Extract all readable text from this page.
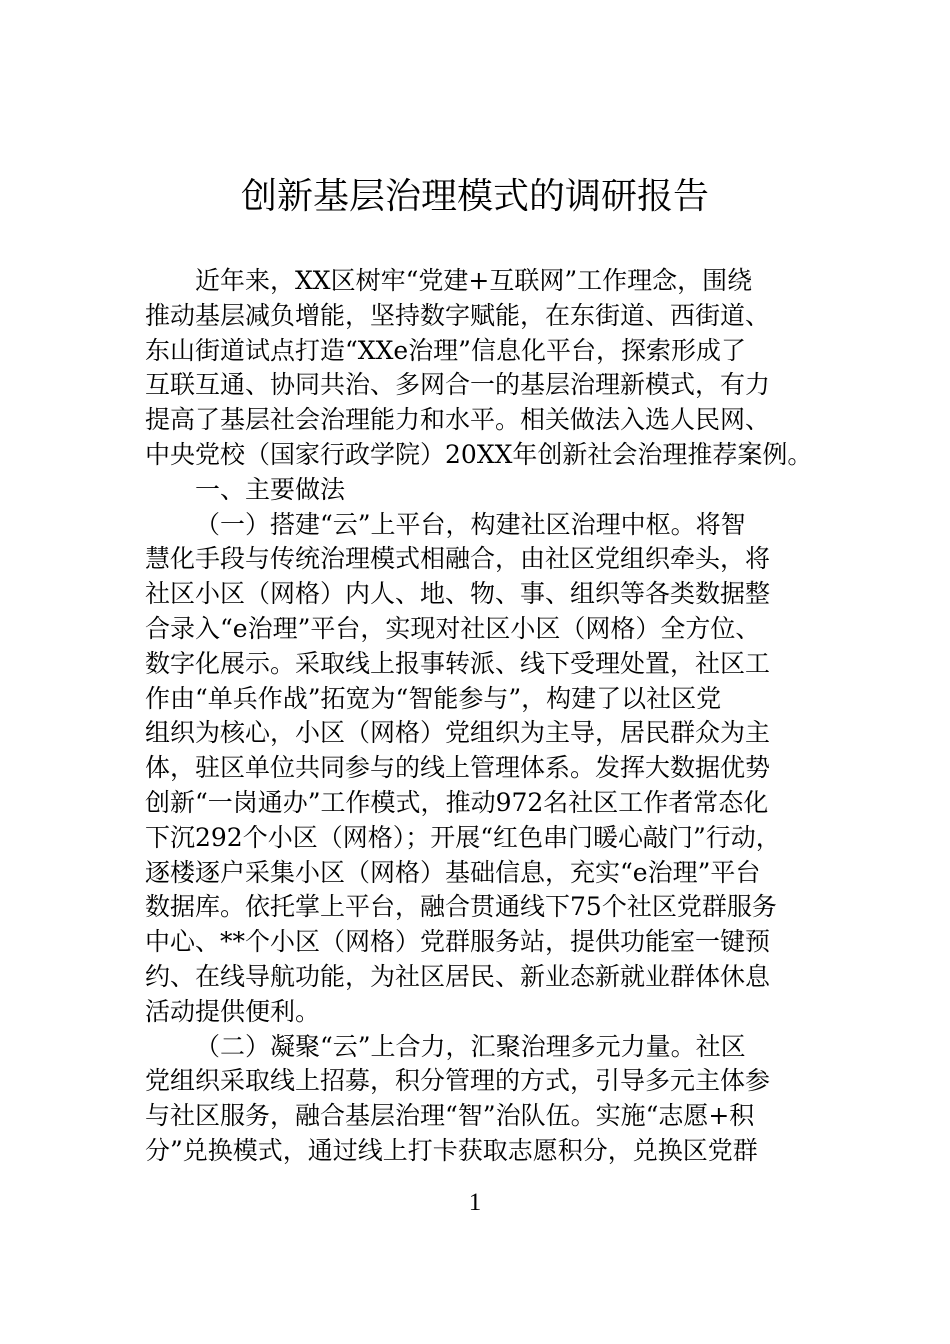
创新基层治理模式的调研报告
近年来，XX区树牢“党建+互联网”工作理念，围绕
推动基层减负增能，坚持数字赋能，在东街道、西街道、
东山街道试点打造“XXe治理”信息化平台，探索形成了
互联互通、协同共治、多网合一的基层治理新模式，有力
提高了基层社会治理能力和水平。相关做法入选人民网、
中央党校（国家行政学院）20XX年创新社会治理推荐案例。
一、主要做法
（一）搭建“云”上平台，构建社区治理中枢。将智
慧化手段与传统治理模式相融合，由社区党组织牵头，将
社区小区（网格）内人、地、物、事、组织等各类数据整
合录入“e治理”平台，实现对社区小区（网格）全方位、
数字化展示。采取线上报事转派、线下受理处置，社区工
作由“单兵作战”拓宽为“智能参与”，构建了以社区党
组织为核心，小区（网格）党组织为主导，居民群众为主
体，驻区单位共同参与的线上管理体系。发挥大数据优势
创新“一岗通办”工作模式，推动972名社区工作者常态化
下沉292个小区（网格）；开展“红色串门暖心敲门”行动，
逐楼逐户采集小区（网格）基础信息，充实“e治理”平台
数据库。依托掌上平台，融合贯通线下75个社区党群服务
中心、**个小区（网格）党群服务站，提供功能室一键预
约、在线导航功能，为社区居民、新业态新就业群体休息
活动提供便利。
（二）凝聚“云”上合力，汇聚治理多元力量。社区
党组织采取线上招募，积分管理的方式，引导多元主体参
与社区服务，融合基层治理“智”治队伍。实施“志愿+积
分”兑换模式，通过线上打卡获取志愿积分，兑换区党群
1
